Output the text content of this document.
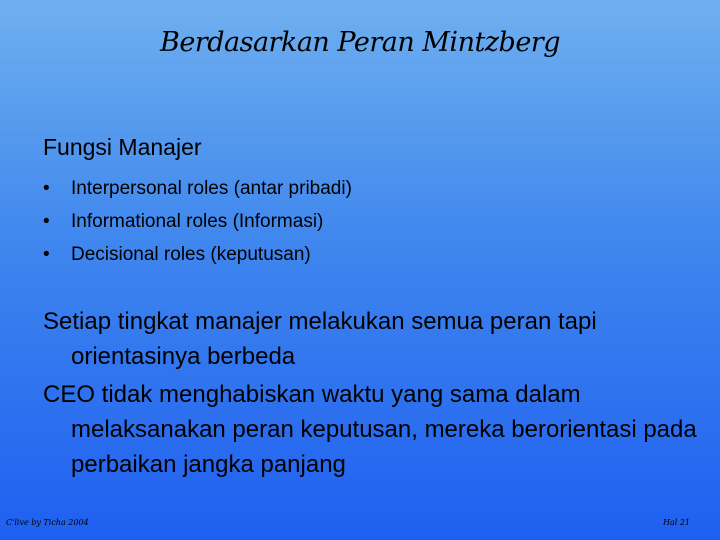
Berdasarkan Peran Mintzberg
Fungsi Manajer
• Interpersonal roles (antar pribadi)
• Informational roles (Informasi)
• Decisional roles (keputusan)

Setiap tingkat manajer melakukan semua peran tapi orientasinya berbeda

CEO tidak menghabiskan waktu yang sama dalam melaksanakan peran keputusan, mereka berorientasi pada perbaikan jangka panjang

C'live by Ticha 2004	Hal 21
